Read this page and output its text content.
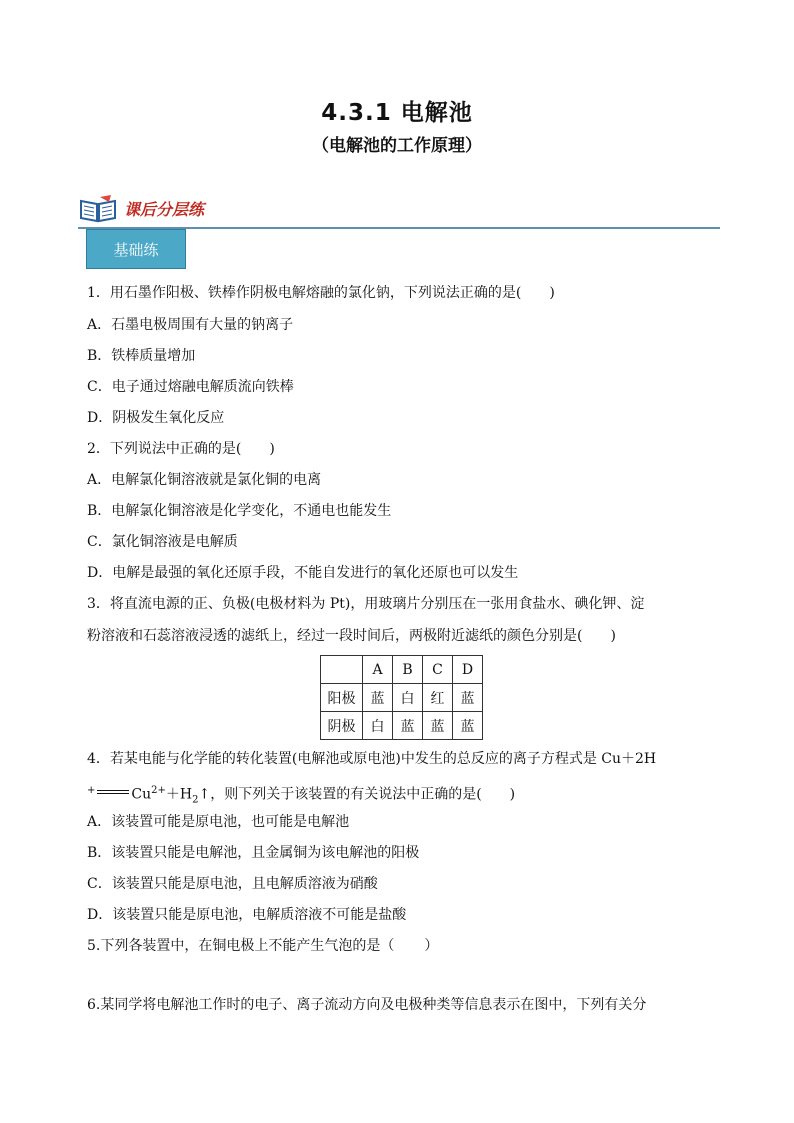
4.3.1 电解池
（电解池的工作原理）
课后分层练
基础练
1．用石墨作阳极、铁棒作阴极电解熔融的氯化钠，下列说法正确的是( )
A．石墨电极周围有大量的钠离子
B．铁棒质量增加
C．电子通过熔融电解质流向铁棒
D．阴极发生氧化反应
2．下列说法中正确的是( )
A．电解氯化铜溶液就是氯化铜的电离
B．电解氯化铜溶液是化学变化，不通电也能发生
C．氯化铜溶液是电解质
D．电解是最强的氧化还原手段，不能自发进行的氧化还原也可以发生
3．将直流电源的正、负极(电极材料为 Pt)，用玻璃片分别压在一张用食盐水、碘化钾、淀
粉溶液和石蕊溶液浸透的滤纸上，经过一段时间后，两极附近滤纸的颜色分别是( )
	A	B	C	D
阳极	蓝	白	红	蓝
阴极	白	蓝	蓝	蓝
4．若某电能与化学能的转化装置(电解池或原电池)中发生的总反应的离子方程式是 Cu＋2H
+	$Cu^{2+}+H_2↑$，则下列关于该装置的有关说法中正确的是( )
A．该装置可能是原电池，也可能是电解池
B．该装置只能是电解池，且金属铜为该电解池的阳极
C．该装置只能是原电池，且电解质溶液为硝酸
D．该装置只能是原电池，电解质溶液不可能是盐酸
5.下列各装置中，在铜电极上不能产生气泡的是（ ）
6.某同学将电解池工作时的电子、离子流动方向及电极种类等信息表示在图中，下列有关分
